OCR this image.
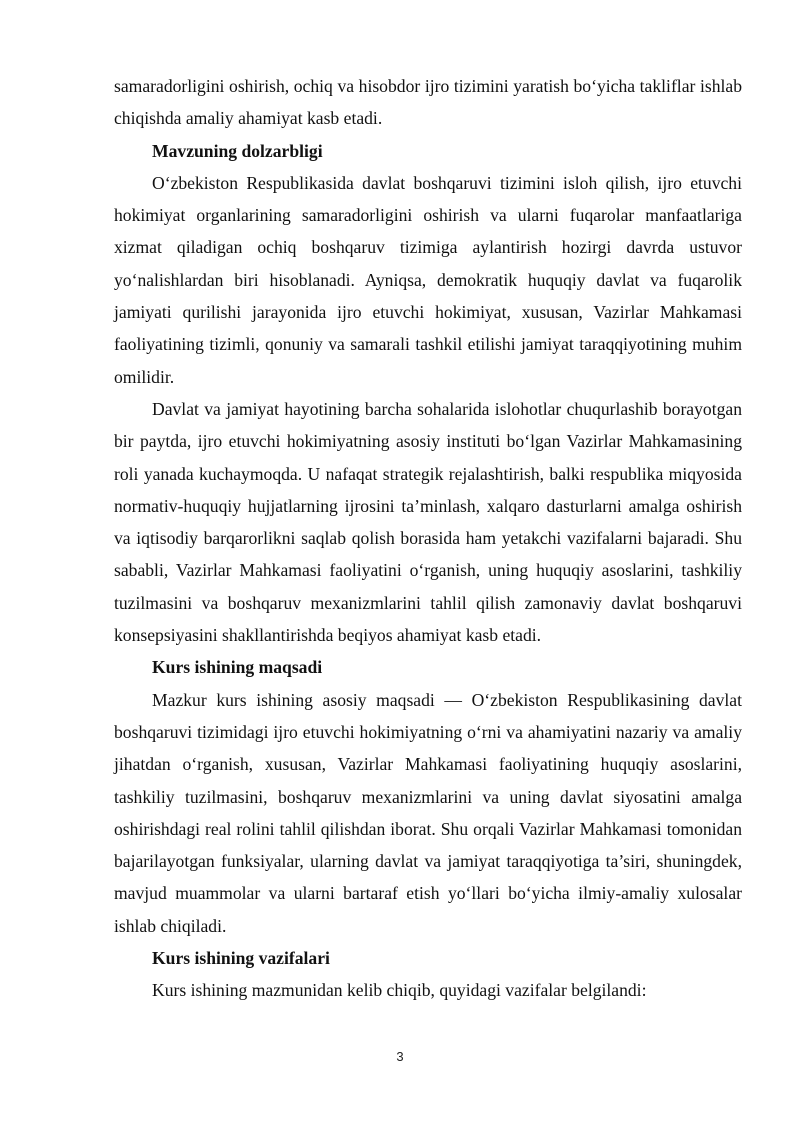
samaradorligini oshirish, ochiq va hisobdor ijro tizimini yaratish bo‘yicha takliflar ishlab chiqishda amaliy ahamiyat kasb etadi.

Mavzuning dolzarbligi

O‘zbekiston Respublikasida davlat boshqaruvi tizimini isloh qilish, ijro etuvchi hokimiyat organlarining samaradorligini oshirish va ularni fuqarolar manfaatlariga xizmat qiladigan ochiq boshqaruv tizimiga aylantirish hozirgi davrda ustuvor yo‘nalishlardan biri hisoblanadi. Ayniqsa, demokratik huquqiy davlat va fuqarolik jamiyati qurilishi jarayonida ijro etuvchi hokimiyat, xususan, Vazirlar Mahkamasi faoliyatining tizimli, qonuniy va samarali tashkil etilishi jamiyat taraqqiyotining muhim omilidir.

Davlat va jamiyat hayotining barcha sohalarida islohotlar chuqurlashib borayotgan bir paytda, ijro etuvchi hokimiyatning asosiy instituti bo‘lgan Vazirlar Mahkamasining roli yanada kuchaymoqda. U nafaqat strategik rejalashtirish, balki respublika miqyosida normativ-huquqiy hujjatlarning ijrosini ta’minlash, xalqaro dasturlarni amalga oshirish va iqtisodiy barqarorlikni saqlab qolish borasida ham yetakchi vazifalarni bajaradi. Shu sababli, Vazirlar Mahkamasi faoliyatini o‘rganish, uning huquqiy asoslarini, tashkiliy tuzilmasini va boshqaruv mexanizmlarini tahlil qilish zamonaviy davlat boshqaruvi konsepsiyasini shakllantirishda beqiyos ahamiyat kasb etadi.

Kurs ishining maqsadi

Mazkur kurs ishining asosiy maqsadi — O‘zbekiston Respublikasining davlat boshqaruvi tizimidagi ijro etuvchi hokimiyatning o‘rni va ahamiyatini nazariy va amaliy jihatdan o‘rganish, xususan, Vazirlar Mahkamasi faoliyatining huquqiy asoslarini, tashkiliy tuzilmasini, boshqaruv mexanizmlarini va uning davlat siyosatini amalga oshirishdagi real rolini tahlil qilishdan iborat. Shu orqali Vazirlar Mahkamasi tomonidan bajarilayotgan funksiyalar, ularning davlat va jamiyat taraqqiyotiga ta’siri, shuningdek, mavjud muammolar va ularni bartaraf etish yo‘llari bo‘yicha ilmiy-amaliy xulosalar ishlab chiqiladi.

Kurs ishining vazifalari

Kurs ishining mazmunidan kelib chiqib, quyidagi vazifalar belgilandi:

3
